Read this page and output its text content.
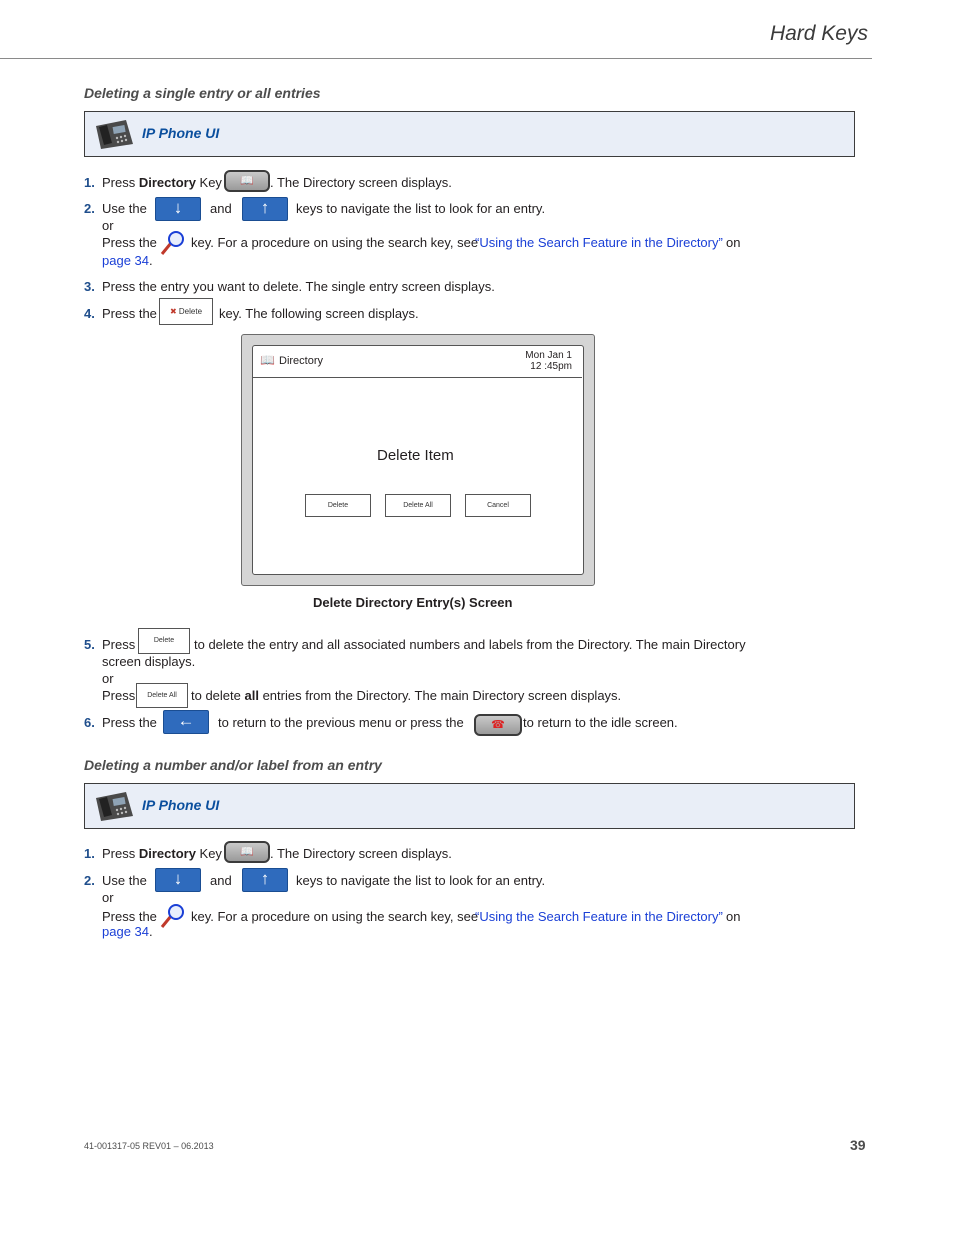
Hard Keys
Deleting a single entry or all entries
IP Phone UI
1. Press Directory Key	📖	. The Directory screen displays.
2. Use the	↓	and	↑	keys to navigate the list to look for an entry.
or
Press the	key. For a procedure on using the search key, see
“Using the Search Feature in the Directory” on
page 34.
3. Press the entry you want to delete. The single entry screen displays.
4. Press the	✖ Delete	key. The following screen displays.
📖 Directory	Mon Jan 1
12 :45pm
Delete Item
Delete	Delete All	Cancel
Delete Directory Entry(s) Screen
5. Press	Delete	to delete the entry and all associated numbers and labels from the Directory. The main Directory
screen displays.
or
Press	Delete All	to delete all entries from the Directory. The main Directory screen displays.
6. Press the	←	to return to the previous menu or press the	☎	to return to the idle screen.
Deleting a number and/or label from an entry
IP Phone UI
1. Press Directory Key	📖	. The Directory screen displays.
2. Use the	↓	and	↑	keys to navigate the list to look for an entry.
or
Press the	key. For a procedure on using the search key, see
“Using the Search Feature in the Directory” on
page 34.
41-001317-05 REV01 – 06.2013	39
